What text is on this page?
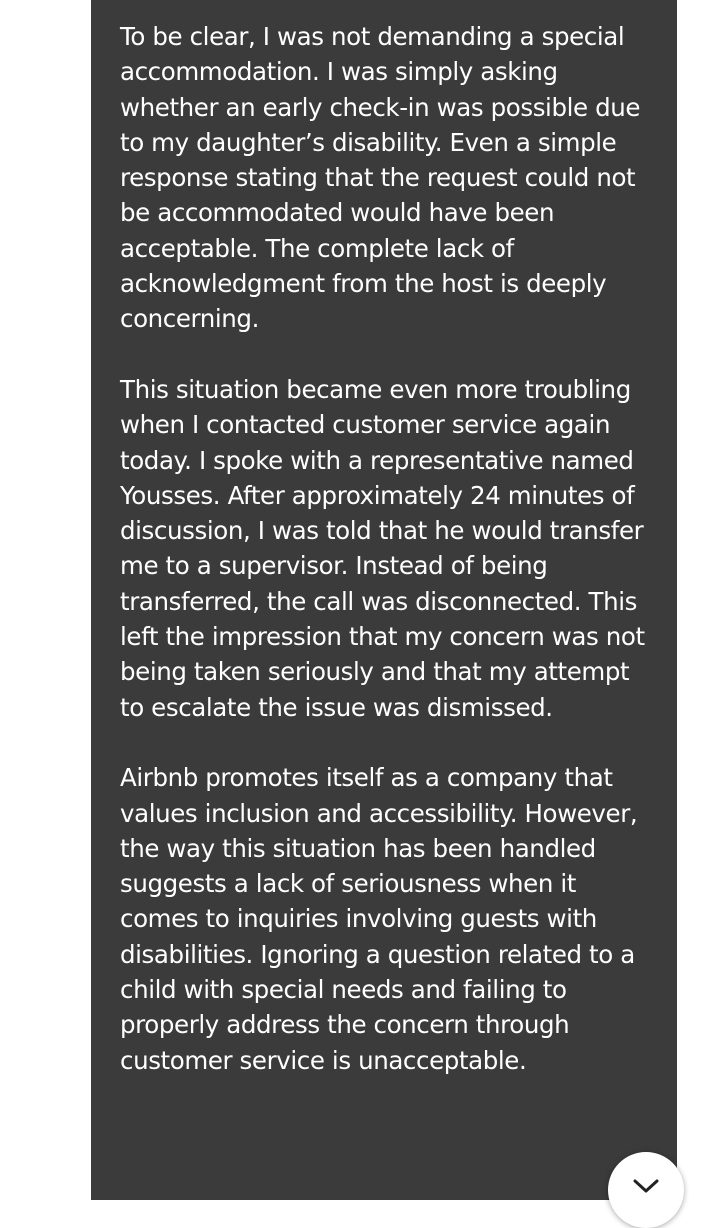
To be clear, I was not demanding a special accommodation. I was simply asking whether an early check-in was possible due to my daughter’s disability. Even a simple response stating that the request could not be accommodated would have been acceptable. The complete lack of acknowledgment from the host is deeply concerning.

This situation became even more troubling when I contacted customer service again today. I spoke with a representative named Yousses. After approximately 24 minutes of discussion, I was told that he would transfer me to a supervisor. Instead of being transferred, the call was disconnected. This left the impression that my concern was not being taken seriously and that my attempt to escalate the issue was dismissed.

Airbnb promotes itself as a company that values inclusion and accessibility. However, the way this situation has been handled suggests a lack of seriousness when it comes to inquiries involving guests with disabilities. Ignoring a question related to a child with special needs and failing to properly address the concern through customer service is unacceptable.
